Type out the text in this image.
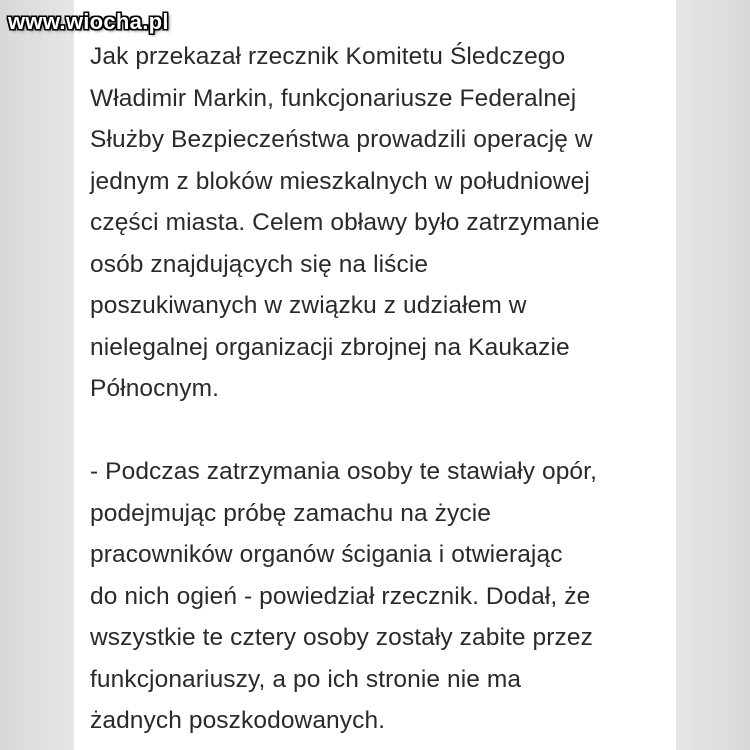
www.wiocha.pl

Jak przekazał rzecznik Komitetu Śledczego
Władimir Markin, funkcjonariusze Federalnej
Służby Bezpieczeństwa prowadzili operację w
jednym z bloków mieszkalnych w południowej
części miasta. Celem obławy było zatrzymanie
osób znajdujących się na liście
poszukiwanych w związku z udziałem w
nielegalnej organizacji zbrojnej na Kaukazie
Północnym.

- Podczas zatrzymania osoby te stawiały opór,
podejmując próbę zamachu na życie
pracowników organów ścigania i otwierając
do nich ogień - powiedział rzecznik. Dodał, że
wszystkie te cztery osoby zostały zabite przez
funkcjonariuszy, a po ich stronie nie ma
żadnych poszkodowanych.
